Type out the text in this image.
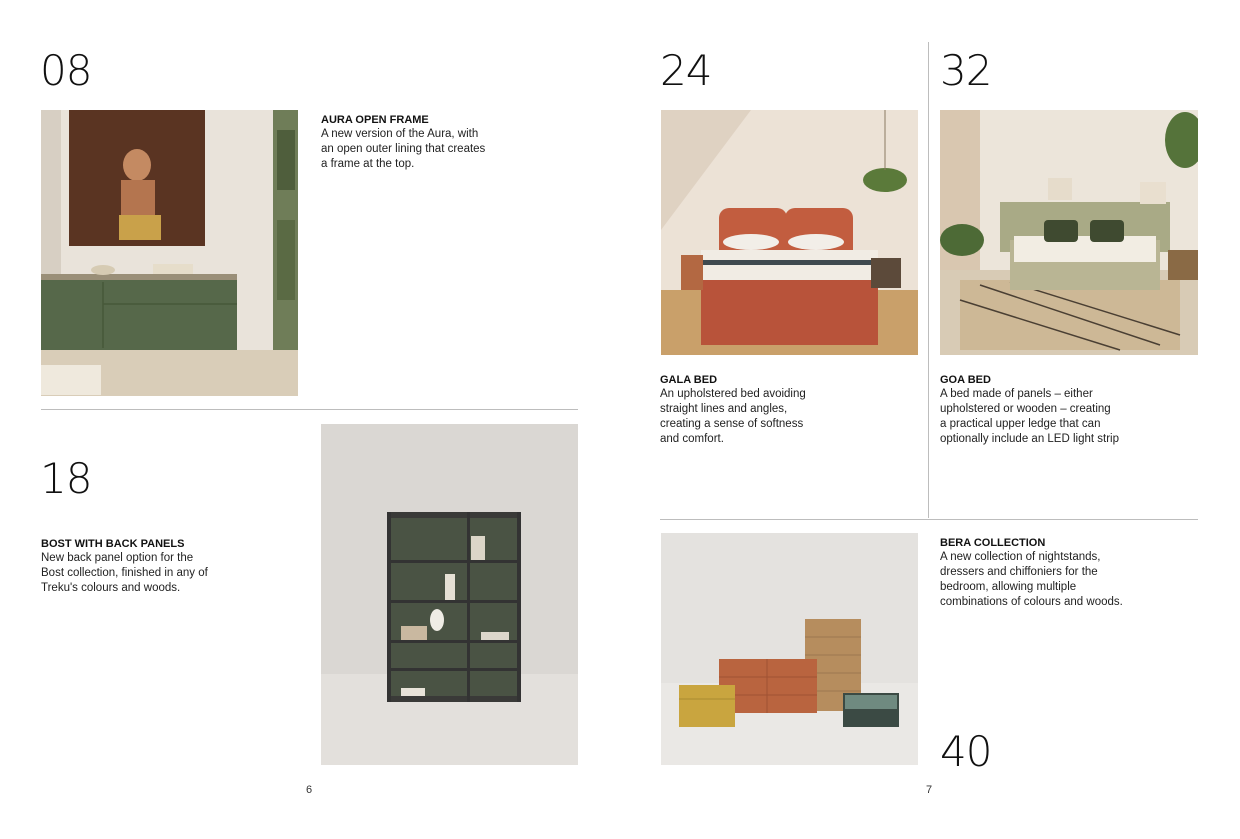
08
AURA OPEN FRAME
A new version of the Aura, with
an open outer lining that creates
a frame at the top.
18
BOST WITH BACK PANELS
New back panel option for the
Bost collection, finished in any of
Treku's colours and woods.
6
24	32
GALA BED
An upholstered bed avoiding
straight lines and angles,
creating a sense of softness
and comfort.
GOA BED
A bed made of panels – either
upholstered or wooden – creating
a practical upper ledge that can
optionally include an LED light strip
BERA COLLECTION
A new collection of nightstands,
dressers and chiffoniers for the
bedroom, allowing multiple
combinations of colours and woods.
40
7
